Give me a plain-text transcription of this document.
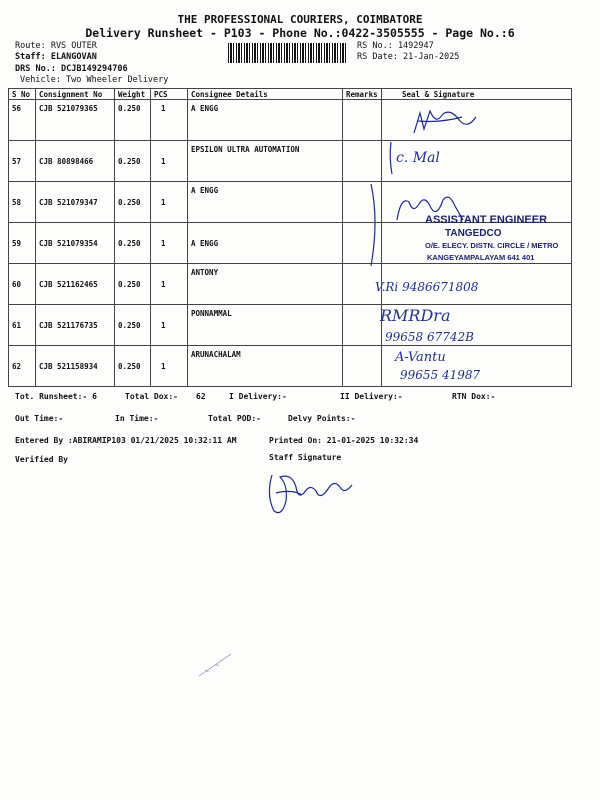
THE PROFESSIONAL COURIERS, COIMBATORE
Delivery Runsheet - P103 - Phone No.:0422-3505555 - Page No.:6
Route: RVS OUTER
Staff: ELANGOVAN
DRS No.: DCJB149294706
Vehicle: Two Wheeler Delivery
RS No.: 1492947
RS Date: 21-Jan-2025
S No	Consignment No	Weight	PCS	Consignee Details	Remarks	Seal & Signature
56	CJB 521079365	0.250	1	A ENGG		
57	CJB 80898466	0.250	1	EPSILON ULTRA AUTOMATION		
58	CJB 521079347	0.250	1	A ENGG		
59	CJB 521079354	0.250	1	A ENGG		
60	CJB 521162465	0.250	1	ANTONY		
61	CJB 521176735	0.250	1	PONNAMMAL		
62	CJB 521158934	0.250	1	ARUNACHALAM		
c. Mal
ASSISTANT ENGINEER
TANGEDCO
O/E. ELECY. DISTN. CIRCLE / METRO
KANGEYAMPALAYAM 641 401
V.Ri 9486671808
RMRDra
99658 67742B
A-Vantu
99655 41987
Tot. Runsheet:- 6	Total Dox:- 62	I Delivery:-	II Delivery:-	RTN Dox:-
Out Time:-	In Time:-	Total POD:-	Delvy Points:-
Entered By :ABIRAMIP103 01/21/2025 10:32:11 AM	Printed On: 21-01-2025 10:32:34
Verified By	Staff Signature
